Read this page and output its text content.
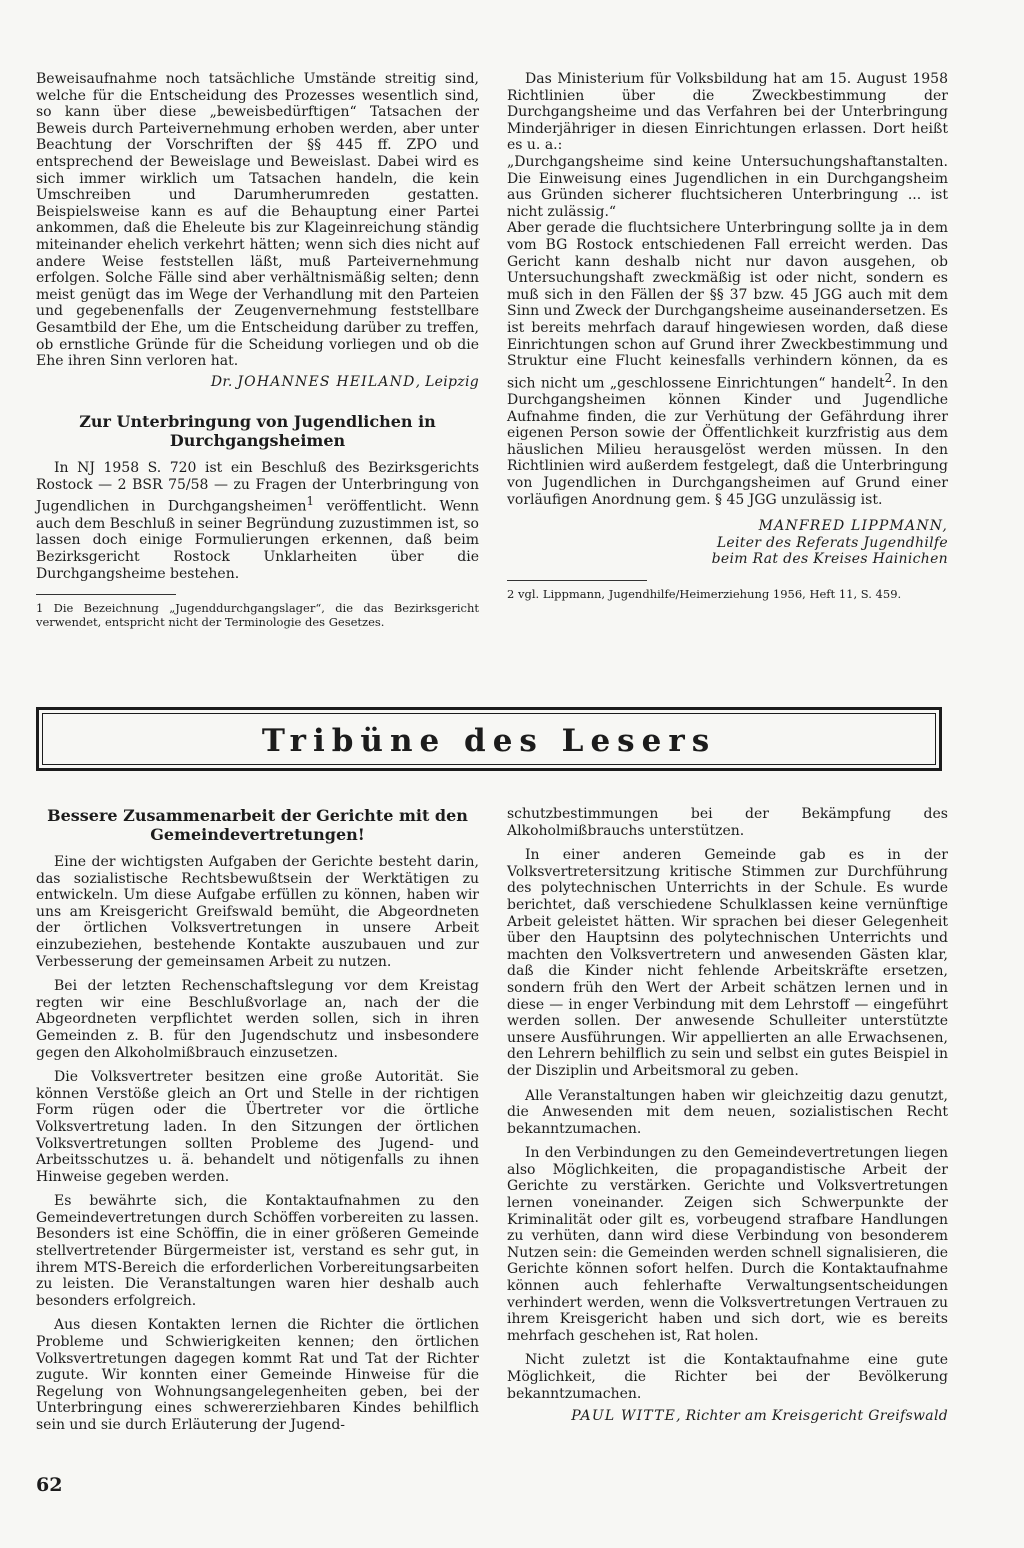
Beweisaufnahme noch tatsächliche Umstände streitig sind, welche für die Entscheidung des Prozesses wesentlich sind, so kann über diese „beweisbedürftigen“ Tatsachen der Beweis durch Parteivernehmung erhoben werden, aber unter Beachtung der Vorschriften der §§ 445 ff. ZPO und entsprechend der Beweislage und Beweislast. Dabei wird es sich immer wirklich um Tatsachen handeln, die kein Umschreiben und Darumherumreden gestatten. Beispielsweise kann es auf die Behauptung einer Partei ankommen, daß die Eheleute bis zur Klageinreichung ständig miteinander ehelich verkehrt hätten; wenn sich dies nicht auf andere Weise feststellen läßt, muß Parteivernehmung erfolgen. Solche Fälle sind aber verhältnismäßig selten; denn meist genügt das im Wege der Verhandlung mit den Parteien und gegebenenfalls der Zeugenvernehmung feststellbare Gesamtbild der Ehe, um die Entscheidung darüber zu treffen, ob ernstliche Gründe für die Scheidung vorliegen und ob die Ehe ihren Sinn verloren hat.

Dr. JOHANNES HEILAND, Leipzig
Zur Unterbringung von Jugendlichen in Durchgangsheimen

In NJ 1958 S. 720 ist ein Beschluß des Bezirksgerichts Rostock — 2 BSR 75/58 — zu Fragen der Unterbringung von Jugendlichen in Durchgangsheimen$^1$ veröffentlicht. Wenn auch dem Beschluß in seiner Begründung zuzustimmen ist, so lassen doch einige Formulierungen erkennen, daß beim Bezirksgericht Rostock Unklarheiten über die Durchgangsheime bestehen.

1 Die Bezeichnung „Jugenddurchgangslager“, die das Bezirksgericht verwendet, entspricht nicht der Terminologie des Gesetzes.

Das Ministerium für Volksbildung hat am 15. August 1958 Richtlinien über die Zweckbestimmung der Durchgangsheime und das Verfahren bei der Unterbringung Minderjähriger in diesen Einrichtungen erlassen. Dort heißt es u. a.:

„Durchgangsheime sind keine Untersuchungshaftanstalten. Die Einweisung eines Jugendlichen in ein Durchgangsheim aus Gründen sicherer fluchtsicheren Unterbringung ... ist nicht zulässig.“

Aber gerade die fluchtsichere Unterbringung sollte ja in dem vom BG Rostock entschiedenen Fall erreicht werden. Das Gericht kann deshalb nicht nur davon ausgehen, ob Untersuchungshaft zweckmäßig ist oder nicht, sondern es muß sich in den Fällen der §§ 37 bzw. 45 JGG auch mit dem Sinn und Zweck der Durchgangsheime auseinandersetzen. Es ist bereits mehrfach darauf hingewiesen worden, daß diese Einrichtungen schon auf Grund ihrer Zweckbestimmung und Struktur eine Flucht keinesfalls verhindern können, da es sich nicht um „geschlossene Einrichtungen“ handelt$^2$. In den Durchgangsheimen können Kinder und Jugendliche Aufnahme finden, die zur Verhütung der Gefährdung ihrer eigenen Person sowie der Öffentlichkeit kurzfristig aus dem häuslichen Milieu herausgelöst werden müssen. In den Richtlinien wird außerdem festgelegt, daß die Unterbringung von Jugendlichen in Durchgangsheimen auf Grund einer vorläufigen Anordnung gem. § 45 JGG unzulässig ist.

MANFRED LIPPMANN,
Leiter des Referats Jugendhilfe
beim Rat des Kreises Hainichen

2 vgl. Lippmann, Jugendhilfe/Heimerziehung 1956, Heft 11, S. 459.

Tribüne des Lesers
Bessere Zusammenarbeit der Gerichte mit den Gemeindevertretungen!

Eine der wichtigsten Aufgaben der Gerichte besteht darin, das sozialistische Rechtsbewußtsein der Werktätigen zu entwickeln. Um diese Aufgabe erfüllen zu können, haben wir uns am Kreisgericht Greifswald bemüht, die Abgeordneten der örtlichen Volksvertretungen in unsere Arbeit einzubeziehen, bestehende Kontakte auszubauen und zur Verbesserung der gemeinsamen Arbeit zu nutzen.

Bei der letzten Rechenschaftslegung vor dem Kreistag regten wir eine Beschlußvorlage an, nach der die Abgeordneten verpflichtet werden sollen, sich in ihren Gemeinden z. B. für den Jugendschutz und insbesondere gegen den Alkoholmißbrauch einzusetzen.

Die Volksvertreter besitzen eine große Autorität. Sie können Verstöße gleich an Ort und Stelle in der richtigen Form rügen oder die Übertreter vor die örtliche Volksvertretung laden. In den Sitzungen der örtlichen Volksvertretungen sollten Probleme des Jugend- und Arbeitsschutzes u. ä. behandelt und nötigenfalls zu ihnen Hinweise gegeben werden.

Es bewährte sich, die Kontaktaufnahmen zu den Gemeindevertretungen durch Schöffen vorbereiten zu lassen. Besonders ist eine Schöffin, die in einer größeren Gemeinde stellvertretender Bürgermeister ist, verstand es sehr gut, in ihrem MTS-Bereich die erforderlichen Vorbereitungsarbeiten zu leisten. Die Veranstaltungen waren hier deshalb auch besonders erfolgreich.

Aus diesen Kontakten lernen die Richter die örtlichen Probleme und Schwierigkeiten kennen; den örtlichen Volksvertretungen dagegen kommt Rat und Tat der Richter zugute. Wir konnten einer Gemeinde Hinweise für die Regelung von Wohnungsangelegenheiten geben, bei der Unterbringung eines schwererziehbaren Kindes behilflich sein und sie durch Erläuterung der Jugend-

schutzbestimmungen bei der Bekämpfung des Alkoholmißbrauchs unterstützen.

In einer anderen Gemeinde gab es in der Volksvertretersitzung kritische Stimmen zur Durchführung des polytechnischen Unterrichts in der Schule. Es wurde berichtet, daß verschiedene Schulklassen keine vernünftige Arbeit geleistet hätten. Wir sprachen bei dieser Gelegenheit über den Hauptsinn des polytechnischen Unterrichts und machten den Volksvertretern und anwesenden Gästen klar, daß die Kinder nicht fehlende Arbeitskräfte ersetzen, sondern früh den Wert der Arbeit schätzen lernen und in diese — in enger Verbindung mit dem Lehrstoff — eingeführt werden sollen. Der anwesende Schulleiter unterstützte unsere Ausführungen. Wir appellierten an alle Erwachsenen, den Lehrern behilflich zu sein und selbst ein gutes Beispiel in der Disziplin und Arbeitsmoral zu geben.

Alle Veranstaltungen haben wir gleichzeitig dazu genutzt, die Anwesenden mit dem neuen, sozialistischen Recht bekanntzumachen.

In den Verbindungen zu den Gemeindevertretungen liegen also Möglichkeiten, die propagandistische Arbeit der Gerichte zu verstärken. Gerichte und Volksvertretungen lernen voneinander. Zeigen sich Schwerpunkte der Kriminalität oder gilt es, vorbeugend strafbare Handlungen zu verhüten, dann wird diese Verbindung von besonderem Nutzen sein: die Gemeinden werden schnell signalisieren, die Gerichte können sofort helfen. Durch die Kontaktaufnahme können auch fehlerhafte Verwaltungsentscheidungen verhindert werden, wenn die Volksvertretungen Vertrauen zu ihrem Kreisgericht haben und sich dort, wie es bereits mehrfach geschehen ist, Rat holen.

Nicht zuletzt ist die Kontaktaufnahme eine gute Möglichkeit, die Richter bei der Bevölkerung bekanntzumachen.

PAUL WITTE, Richter am Kreisgericht Greifswald
62
